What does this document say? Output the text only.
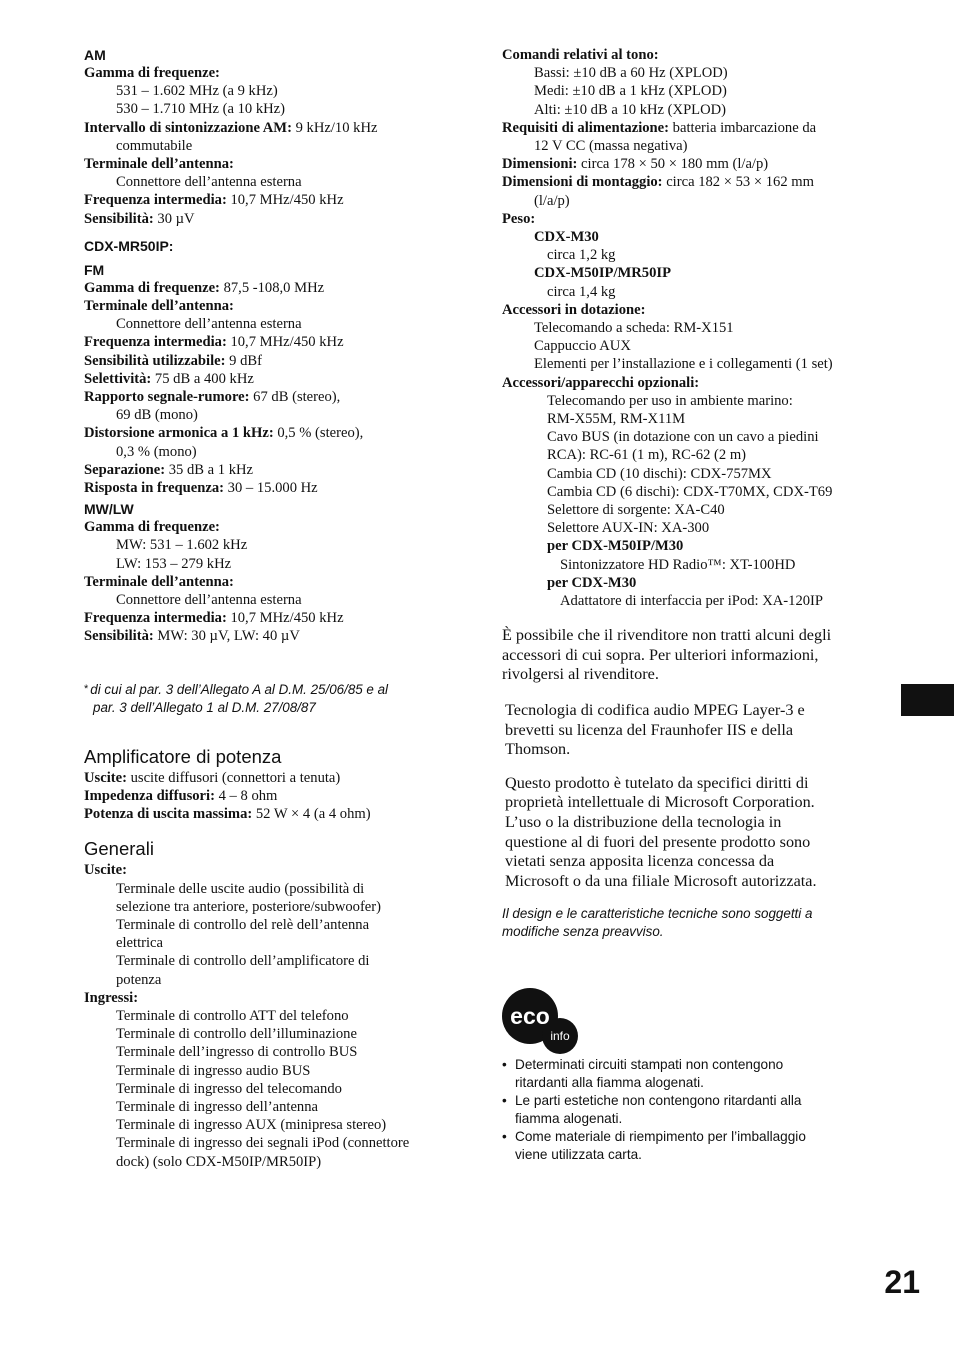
AM
Gamma di frequenze:
531 – 1.602 MHz (a 9 kHz)
530 – 1.710 MHz (a 10 kHz)
Intervallo di sintonizzazione AM: 9 kHz/10 kHz
commutabile
Terminale dell’antenna:
Connettore dell’antenna esterna
Frequenza intermedia: 10,7 MHz/450 kHz
Sensibilità: 30 µV
CDX-MR50IP:
FM
Gamma di frequenze: 87,5 -108,0 MHz
Terminale dell’antenna:
Connettore dell’antenna esterna
Frequenza intermedia: 10,7 MHz/450 kHz
Sensibilità utilizzabile: 9 dBf
Selettività: 75 dB a 400 kHz
Rapporto segnale-rumore: 67 dB (stereo),
69 dB (mono)
Distorsione armonica a 1 kHz: 0,5 % (stereo),
0,3 % (mono)
Separazione: 35 dB a 1 kHz
Risposta in frequenza: 30 – 15.000 Hz
MW/LW
Gamma di frequenze:
MW: 531 – 1.602 kHz
LW: 153 – 279 kHz
Terminale dell’antenna:
Connettore dell’antenna esterna
Frequenza intermedia: 10,7 MHz/450 kHz
Sensibilità: MW: 30 µV, LW: 40 µV
* di cui al par. 3 dell’Allegato A al D.M. 25/06/85 e al
par. 3 dell’Allegato 1 al D.M. 27/08/87
Amplificatore di potenza
Uscite: uscite diffusori (connettori a tenuta)
Impedenza diffusori: 4 – 8 ohm
Potenza di uscita massima: 52 W × 4 (a 4 ohm)
Generali
Uscite:
Terminale delle uscite audio (possibilità di
selezione tra anteriore, posteriore/subwoofer)
Terminale di controllo del relè dell’antenna
elettrica
Terminale di controllo dell’amplificatore di
potenza
Ingressi:
Terminale di controllo ATT del telefono
Terminale di controllo dell’illuminazione
Terminale dell’ingresso di controllo BUS
Terminale di ingresso audio BUS
Terminale di ingresso del telecomando
Terminale di ingresso dell’antenna
Terminale di ingresso AUX (minipresa stereo)
Terminale di ingresso dei segnali iPod (connettore
dock) (solo CDX-M50IP/MR50IP)
Comandi relativi al tono:
Bassi: ±10 dB a 60 Hz (XPLOD)
Medi: ±10 dB a 1 kHz (XPLOD)
Alti: ±10 dB a 10 kHz (XPLOD)
Requisiti di alimentazione: batteria imbarcazione da
12 V CC (massa negativa)
Dimensioni: circa 178 × 50 × 180 mm (l/a/p)
Dimensioni di montaggio: circa 182 × 53 × 162 mm
(l/a/p)
Peso:
CDX-M30
circa 1,2 kg
CDX-M50IP/MR50IP
circa 1,4 kg
Accessori in dotazione:
Telecomando a scheda: RM-X151
Cappuccio AUX
Elementi per l’installazione e i collegamenti (1 set)
Accessori/apparecchi opzionali:
Telecomando per uso in ambiente marino:
RM-X55M, RM-X11M
Cavo BUS (in dotazione con un cavo a piedini
RCA): RC-61 (1 m), RC-62 (2 m)
Cambia CD (10 dischi): CDX-757MX
Cambia CD (6 dischi): CDX-T70MX, CDX-T69
Selettore di sorgente: XA-C40
Selettore AUX-IN: XA-300
per CDX-M50IP/M30
Sintonizzatore HD Radio™: XT-100HD
per CDX-M30
Adattatore di interfaccia per iPod: XA-120IP
È possibile che il rivenditore non tratti alcuni degli
accessori di cui sopra. Per ulteriori informazioni,
rivolgersi al rivenditore.
Tecnologia di codifica audio MPEG Layer-3 e
brevetti su licenza del Fraunhofer IIS e della
Thomson.
Questo prodotto è tutelato da specifici diritti di
proprietà intellettuale di Microsoft Corporation.
L’uso o la distribuzione della tecnologia in
questione al di fuori del presente prodotto sono
vietati senza apposita licenza concessa da
Microsoft o da una filiale Microsoft autorizzata.
Il design e le caratteristiche tecniche sono soggetti a
modifiche senza preavviso.
• Determinati circuiti stampati non contengono
ritardanti alla fiamma alogenati.
• Le parti estetiche non contengono ritardanti alla
fiamma alogenati.
• Come materiale di riempimento per l’imballaggio
viene utilizzata carta.
eco
info
21
